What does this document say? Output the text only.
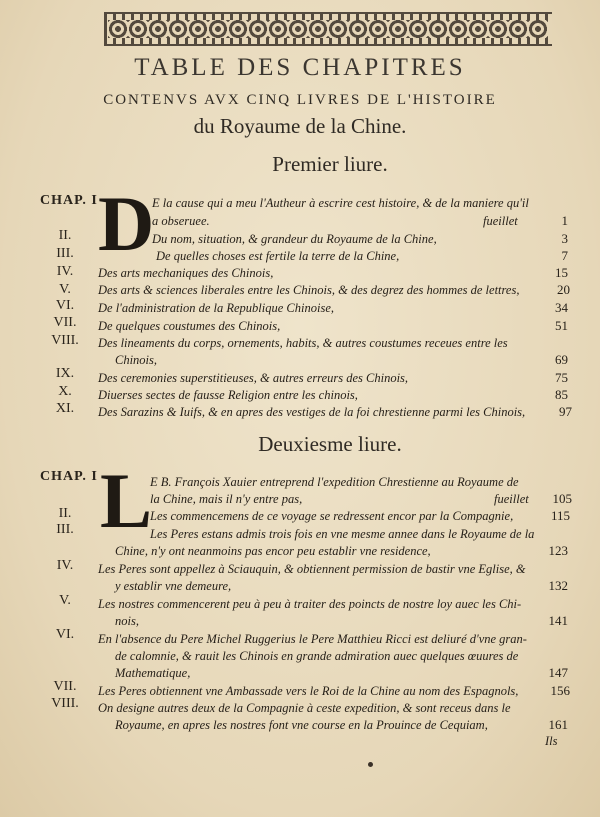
TABLE DES CHAPITRES
CONTENVS AVX CINQ LIVRES DE L'HISTOIRE
du Royaume de la Chine.
Premier liure.
CHAP. I D
E la cause qui a meu l'Autheur à escrire cest histoire, & de la maniere qu'il
a obseruee.	fueillet	1
II.	Du nom, situation, & grandeur du Royaume de la Chine,	3
III.	De quelles choses est fertile la terre de la Chine,	7
IV.	Des arts mechaniques des Chinois,	15
V.	Des arts & sciences liberales entre les Chinois, & des degrez des hommes de lettres,	20
VI.	De l'administration de la Republique Chinoise,	34
VII.	De quelques coustumes des Chinois,	51
VIII.	Des lineaments du corps, ornements, habits, & autres coustumes receues entre les
Chinois,	69
IX.	Des ceremonies superstitieuses, & autres erreurs des Chinois,	75
X.	Diuerses sectes de fausse Religion entre les chinois,	85
XI.	Des Sarazins & Iuifs, & en apres des vestiges de la foi chrestienne parmi les Chinois,	97
Deuxiesme liure.
CHAP. I L
E B. François Xauier entreprend l'expedition Chrestienne au Royaume de
la Chine, mais il n'y entre pas,	fueillet	105
II.	Les commencemens de ce voyage se redressent encor par la Compagnie,	115
III.	Les Peres estans admis trois fois en vne mesme annee dans le Royaume de la
Chine, n'y ont neanmoins pas encor peu establir vne residence,	123
IV.	Les Peres sont appellez à Sciauquin, & obtiennent permission de bastir vne Eglise, &
y establir vne demeure,	132
V.	Les nostres commencerent peu à peu à traiter des poincts de nostre loy auec les Chi-
nois,	141
VI.	En l'absence du Pere Michel Ruggerius le Pere Matthieu Ricci est deliuré d'vne gran-
de calomnie, & rauit les Chinois en grande admiration auec quelques œuures de
Mathematique,	147
VII.	Les Peres obtiennent vne Ambassade vers le Roi de la Chine au nom des Espagnols,	156
VIII.	On designe autres deux de la Compagnie à ceste expedition, & sont receus dans le
Royaume, en apres les nostres font vne course en la Prouince de Cequiam,	161
Ils
